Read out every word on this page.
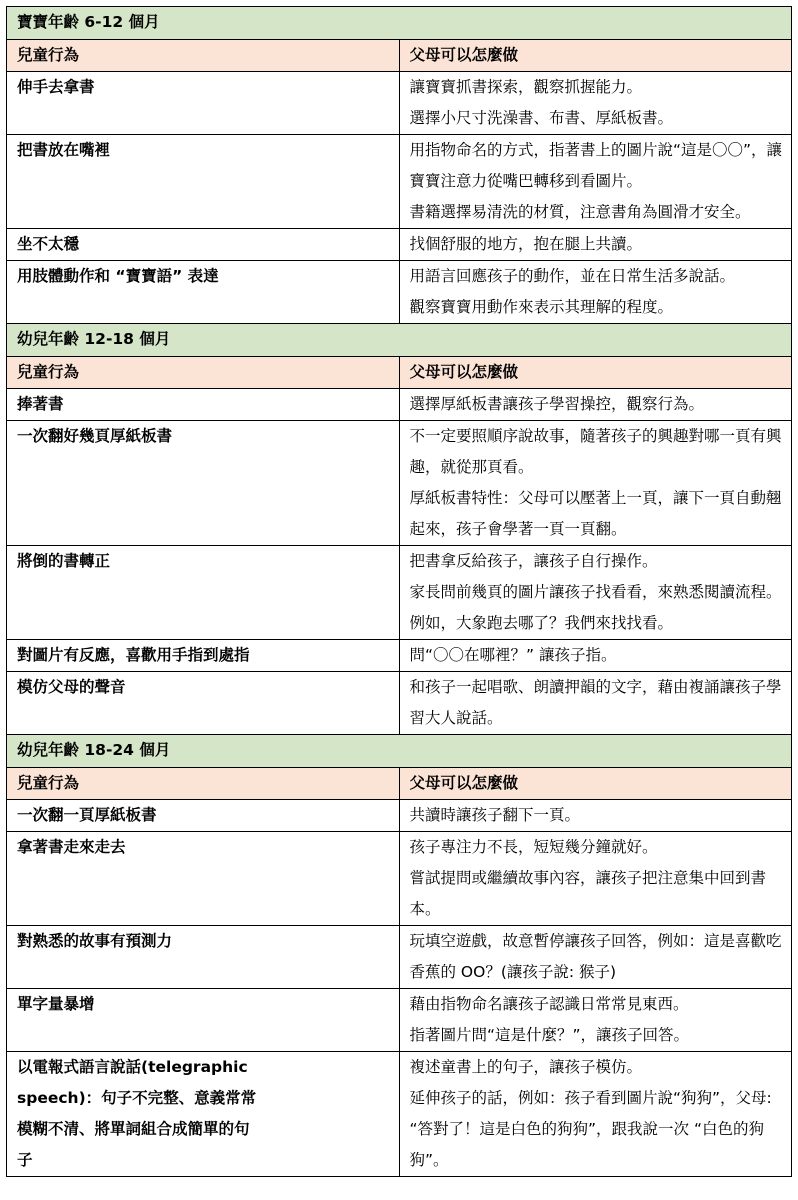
寶寶年齡 6-12 個月	
兒童行為	父母可以怎麼做

伸手去拿書	讓寶寶抓書探索，觀察抓握能力。
選擇小尺寸洗澡書、布書、厚紙板書。

把書放在嘴裡	用指物命名的方式，指著書上的圖片說“這是〇〇”，讓
寶寶注意力從嘴巴轉移到看圖片。
書籍選擇易清洗的材質，注意書角為圓滑才安全。

坐不太穩	找個舒服的地方，抱在腿上共讀。

用肢體動作和 “寶寶語” 表達	用語言回應孩子的動作，並在日常生活多說話。
觀察寶寶用動作來表示其理解的程度。

幼兒年齡 12-18 個月	
兒童行為	父母可以怎麼做

捧著書	選擇厚紙板書讓孩子學習操控，觀察行為。

一次翻好幾頁厚紙板書	不一定要照順序說故事，隨著孩子的興趣對哪一頁有興
趣，就從那頁看。
厚紙板書特性：父母可以壓著上一頁，讓下一頁自動翹
起來，孩子會學著一頁一頁翻。

將倒的書轉正	把書拿反給孩子，讓孩子自行操作。
家長問前幾頁的圖片讓孩子找看看，來熟悉閱讀流程。
例如，大象跑去哪了？我們來找找看。

對圖片有反應，喜歡用手指到處指	問“〇〇在哪裡？” 讓孩子指。

模仿父母的聲音	和孩子一起唱歌、朗讀押韻的文字，藉由複誦讓孩子學
習大人說話。

幼兒年齡 18-24 個月	
兒童行為	父母可以怎麼做

一次翻一頁厚紙板書	共讀時讓孩子翻下一頁。

拿著書走來走去	孩子專注力不長，短短幾分鐘就好。
嘗試提問或繼續故事內容，讓孩子把注意集中回到書
本。

對熟悉的故事有預測力	玩填空遊戲，故意暫停讓孩子回答，例如：這是喜歡吃
香蕉的 OO？(讓孩子說: 猴子)

單字量暴增	藉由指物命名讓孩子認識日常常見東西。
指著圖片問“這是什麼？”，讓孩子回答。

以電報式語言說話(telegraphic
speech)：句子不完整、意義常常
模糊不清、將單詞組合成簡單的句
子	複述童書上的句子，讓孩子模仿。
延伸孩子的話，例如：孩子看到圖片說“狗狗”，父母:
“答對了！這是白色的狗狗”，跟我說一次 “白色的狗
狗”。
